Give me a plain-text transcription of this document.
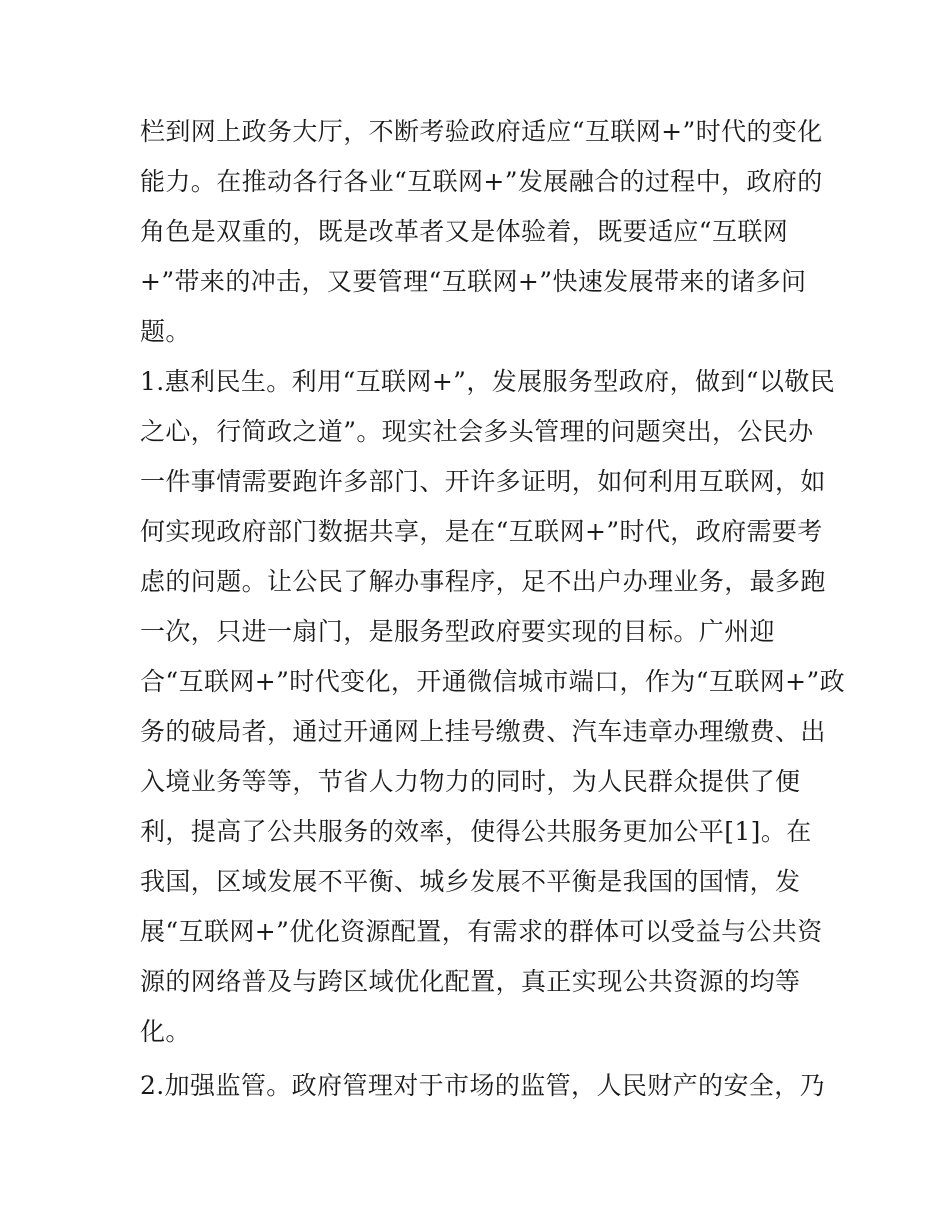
栏到网上政务大厅，不断考验政府适应“互联网+”时代的变化
能力。在推动各行各业“互联网+”发展融合的过程中，政府的
角色是双重的，既是改革者又是体验着，既要适应“互联网
+”带来的冲击，又要管理“互联网+”快速发展带来的诸多问
题。
1.惠利民生。利用“互联网+”，发展服务型政府，做到“以敬民
之心，行简政之道”。现实社会多头管理的问题突出，公民办
一件事情需要跑许多部门、开许多证明，如何利用互联网，如
何实现政府部门数据共享，是在“互联网+”时代，政府需要考
虑的问题。让公民了解办事程序，足不出户办理业务，最多跑
一次，只进一扇门，是服务型政府要实现的目标。广州迎
合“互联网+”时代变化，开通微信城市端口，作为“互联网+”政
务的破局者，通过开通网上挂号缴费、汽车违章办理缴费、出
入境业务等等，节省人力物力的同时，为人民群众提供了便
利，提高了公共服务的效率，使得公共服务更加公平[1]。在
我国，区域发展不平衡、城乡发展不平衡是我国的国情，发
展“互联网+”优化资源配置，有需求的群体可以受益与公共资
源的网络普及与跨区域优化配置，真正实现公共资源的均等
化。
2.加强监管。政府管理对于市场的监管，人民财产的安全，乃
